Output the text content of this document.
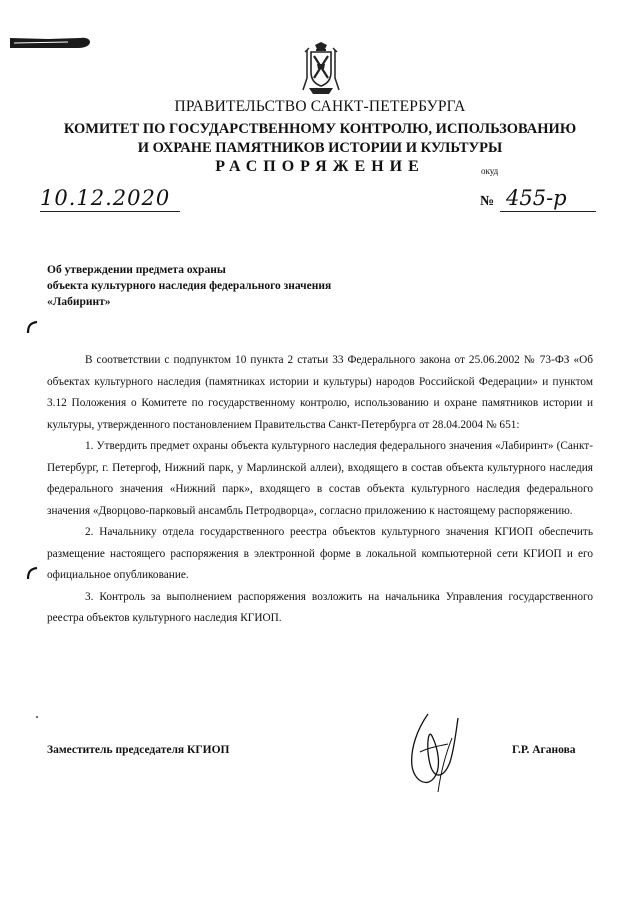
ПРАВИТЕЛЬСТВО САНКТ-ПЕТЕРБУРГА
КОМИТЕТ ПО ГОСУДАРСТВЕННОМУ КОНТРОЛЮ, ИСПОЛЬЗОВАНИЮ
И ОХРАНЕ ПАМЯТНИКОВ ИСТОРИИ И КУЛЬТУРЫ
РАСПОРЯЖЕНИЕ	окуд
10.12.2020	№ 455-р
Об утверждении предмета охраны
объекта культурного наследия федерального значения
«Лабиринт»

В соответствии с подпунктом 10 пункта 2 статьи 33 Федерального закона от 25.06.2002 № 73-ФЗ «Об объектах культурного наследия (памятниках истории и культуры) народов Российской Федерации» и пунктом 3.12 Положения о Комитете по государственному контролю, использованию и охране памятников истории и культуры, утвержденного постановлением Правительства Санкт-Петербурга от 28.04.2004 № 651:

1. Утвердить предмет охраны объекта культурного наследия федерального значения «Лабиринт» (Санкт-Петербург, г. Петергоф, Нижний парк, у Марлинской аллеи), входящего в состав объекта культурного наследия федерального значения «Нижний парк», входящего в состав объекта культурного наследия федерального значения «Дворцово-парковый ансамбль Петродворца», согласно приложению к настоящему распоряжению.

2. Начальнику отдела государственного реестра объектов культурного значения КГИОП обеспечить размещение настоящего распоряжения в электронной форме в локальной компьютерной сети КГИОП и его официальное опубликование.

3. Контроль за выполнением распоряжения возложить на начальника Управления государственного реестра объектов культурного наследия КГИОП.

Заместитель председателя КГИОП	Г.Р. Аганова
